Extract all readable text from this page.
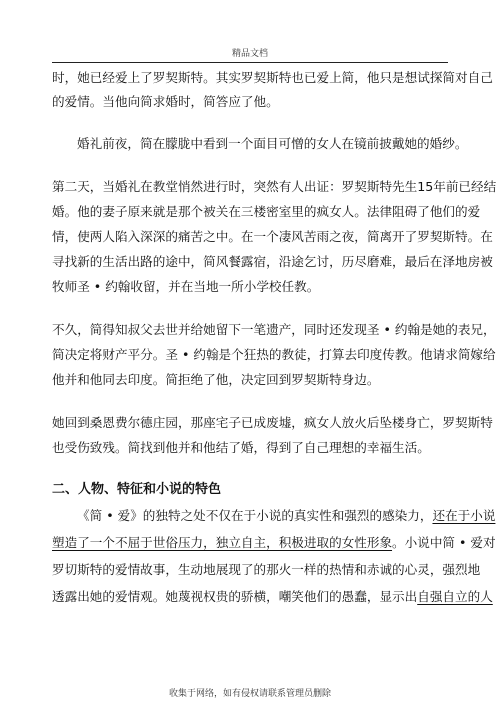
精品文档

时，她已经爱上了罗契斯特。其实罗契斯特也已爱上简，他只是想试探简对自己
的爱情。当他向简求婚时，简答应了他。

婚礼前夜，简在朦胧中看到一个面目可憎的女人在镜前披戴她的婚纱。

第二天，当婚礼在教堂悄然进行时，突然有人出证：罗契斯特先生15年前已经结
婚。他的妻子原来就是那个被关在三楼密室里的疯女人。法律阻碍了他们的爱
情，使两人陷入深深的痛苦之中。在一个凄风苦雨之夜，简离开了罗契斯特。在
寻找新的生活出路的途中，简风餐露宿，沿途乞讨，历尽磨难，最后在泽地房被
牧师圣 • 约翰收留，并在当地一所小学校任教。

不久，简得知叔父去世并给她留下一笔遗产，同时还发现圣 • 约翰是她的表兄，
简决定将财产平分。圣 • 约翰是个狂热的教徒，打算去印度传教。他请求简嫁给
他并和他同去印度。简拒绝了他，决定回到罗契斯特身边。

她回到桑恩费尔德庄园，那座宅子已成废墟，疯女人放火后坠楼身亡，罗契斯特
也受伤致残。简找到他并和他结了婚，得到了自己理想的幸福生活。

二、人物、特征和小说的特色

《简 • 爱》的独特之处不仅在于小说的真实性和强烈的感染力，还在于小说
塑造了一个不屈于世俗压力，独立自主，积极进取的女性形象。小说中简 • 爱对
罗切斯特的爱情故事，生动地展现了的那火一样的热情和赤诚的心灵，强烈地
透露出她的爱情观。她蔑视权贵的骄横，嘲笑他们的愚蠢，显示出自强自立的人

收集于网络，如有侵权请联系管理员删除
